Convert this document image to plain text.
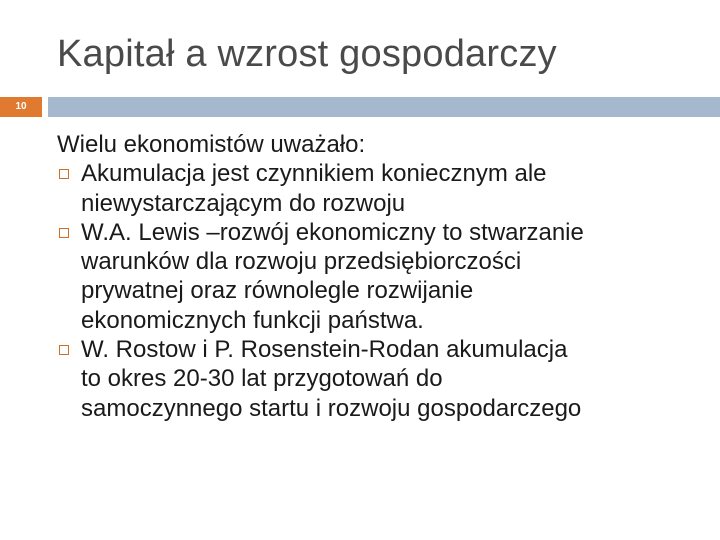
Kapitał a wzrost gospodarczy
10

Wielu ekonomistów uważało:

Akumulacja jest czynnikiem koniecznym ale
niewystarczającym do rozwoju
W.A. Lewis –rozwój ekonomiczny to stwarzanie
warunków dla rozwoju przedsiębiorczości
prywatnej oraz równolegle rozwijanie
ekonomicznych funkcji państwa.
W. Rostow i P. Rosenstein-Rodan akumulacja
to okres 20-30 lat przygotowań do
samoczynnego startu i rozwoju gospodarczego
